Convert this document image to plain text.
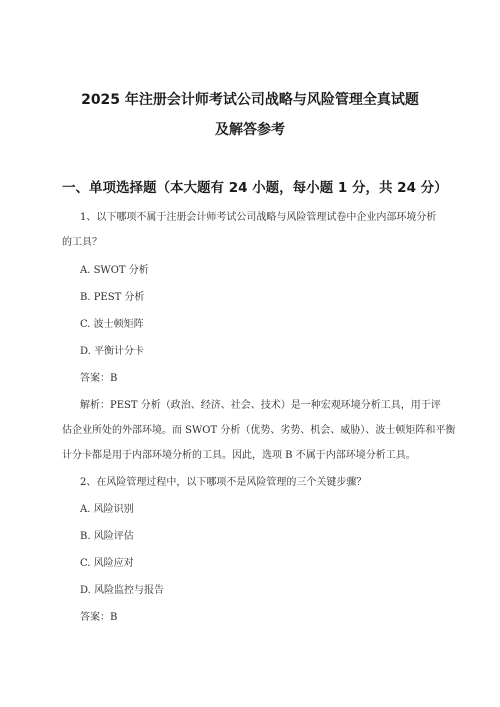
2025 年注册会计师考试公司战略与风险管理全真试题
及解答参考
一、单项选择题（本大题有 24 小题，每小题 1 分，共 24 分）
1、以下哪项不属于注册会计师考试公司战略与风险管理试卷中企业内部环境分析
的工具？
A. SWOT 分析
B. PEST 分析
C. 波士顿矩阵
D. 平衡计分卡
答案：B
解析：PEST 分析（政治、经济、社会、技术）是一种宏观环境分析工具，用于评
估企业所处的外部环境。而 SWOT 分析（优势、劣势、机会、威胁）、波士顿矩阵和平衡
计分卡都是用于内部环境分析的工具。因此，选项 B 不属于内部环境分析工具。
2、在风险管理过程中，以下哪项不是风险管理的三个关键步骤？
A. 风险识别
B. 风险评估
C. 风险应对
D. 风险监控与报告
答案：B
